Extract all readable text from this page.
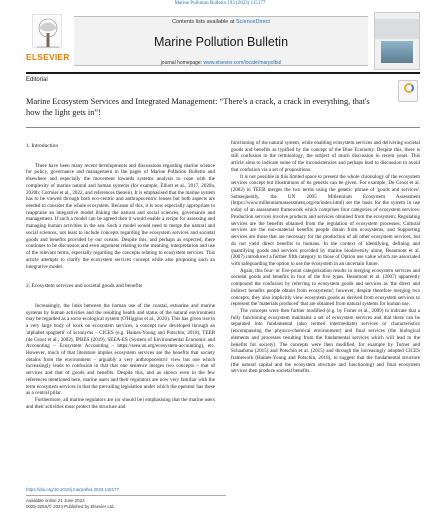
Marine Pollution Bulletin 193 (2023) 115177
ELSEVIER
Contents lists available at ScienceDirect
Marine Pollution Bulletin
journal homepage: www.elsevier.com/locate/marpolbul
Editorial
Marine Ecosystem Services and Integrated Management: “There's a crack, a crack in everything, that's how the light gets in”!
1. Introduction

There have been many recent developments and discussions regarding marine science for policy, governance and management in the pages of Marine Pollution Bulletin and elsewhere and especially the movement towards systems analysis to cope with the complexity of marine natural and human systems (for example, Elliott et al., 2017, 2020a, 2020b; Cormier et al., 2022, and references therein). It is emphasised that the marine system has to be viewed through both eco-centric and anthropocentric lenses but both aspects are needed to consider the whole ecosystem. Because of this, it is now especially appropriate to reappraise an integrative model linking the natural and social sciences, governance and management. If such a model can be agreed then it would enable a recipe for assessing and managing human activities in the sea. Such a model would need to merge the natural and social sciences, not least to include concepts regarding the ecosystem services and societal goods and benefits provided by our oceans. Despite this, and perhaps as expected, there continues to be discussion and even argument relating to the meaning, interpretation and use of the relevant terms, especially regarding the concepts relating to ecosystem services. This article attempts to clarify the ecosystem services concept while also proposing such an integrative model.

2. Ecosystem services and societal goods and benefits

Increasingly, the links between the human use of the coastal, estuarine and marine systems by human activities and the resulting health and status of the natural environment may be regarded as a socio-ecological system (O'Higgins et al., 2020). This has given rise to a very large body of work on ecosystem services, a concept now developed through an 'alphabet spaghetti' of acronyms – CICES (e.g. Haines-Young and Potschin, 2018), TEEB (de Groot et al., 2002), IPBES (2019), SEEA-ES (System of Environmental Economic and Accounting – Ecosystem Accounting - https://seea.un.org/ecosystem-accounting), etc. However, much of that literature implies ecosystem services are the benefits that society obtains from the environment – arguably a very anthropocentric view but one which increasingly leads to confusion in that that one sentence merges two concepts – that of services and that of goods and benefits. Despite this, and as shown even in the few references mentioned here, marine users and their regulators are now very familiar with the term ecosystem services in that the prevailing legislation under which the operator has these as a central pillar.

Furthermore, all marine regulators are (or should be) emphasising that the marine users and their activities must protect the structure and

functioning of the natural system, while enabling ecosystem services and delivering societal goods and benefits as typified by the concept of the Blue Economy. Despite this, there is still confusion in the terminology, the subject of much discussion in recent years. This article aims to indicate some of the inconsistencies and perhaps lead to discussion to avoid that confusion via a set of propositions.

It is not possible in this limited space to present the whole chronology of the ecosystem services concept but illustrations of its genesis can be given. For example, De Groot et al. (2002) in TEEB merges the two terms using the generic phrase of 'goods and services'. Subsequently, the UN 2005 Millennium Ecosystem Assessment (https://www.millenniumassessment.org/en/index.html) set the basis for the system in use today of an assessment framework which comprises four categories of ecosystem services: Production services involve products and services obtained from the ecosystem; Regulating services are the benefits obtained from the regulation of ecosystem processes; Cultural services are the non-material benefits people obtain from ecosystems, and Supporting services are those that are necessary for the production of all other ecosystem services, but do not yield direct benefits to humans. In the context of identifying, defining and quantifying goods and services provided by marine biodiversity alone, Beaumont et al. (2007) introduced a further fifth category to those of Option use value which are associated with safeguarding the option to use the ecosystem in an uncertain future.

Again, this four- or five-point categorisation results in merging ecosystem services and societal goods and benefits in four of the five types. Beaumont et al. (2007) apparently compound the confusion by referring to ecosystem goods and services as 'the direct and indirect benefits people obtain from ecosystems'; however, despite therefore merging two concepts, they also implicitly view ecosystem goods as derived from ecosystem services to represent the 'materials produced' that are obtained from natural systems for human use.

The concepts were then further modified (e.g. by Fisher et al., 2009) to indicate that a fully functioning ecosystem maintains a set of ecosystem services and that these can be separated into fundamental (also termed intermediate) services or characteristics (encompassing the physico-chemical environment) and final services (the biological elements and processes resulting from the fundamental services which will lead to the benefits for society). The concepts were then modified, for example by Turner and Schaafsma (2015) and Potschin et al. (2015) and through the increasingly adopted CICES framework (Haines-Young and Potschin, 2018), to suggest that the fundamental structure (the natural capital and the ecosystem structure and functioning) and final ecosystem services then produce societal benefits.

https://doi.org/10.1016/j.marpolbul.2023.115177
Available online 21 June 2023
0025-326X/© 2023 Published by Elsevier Ltd.
